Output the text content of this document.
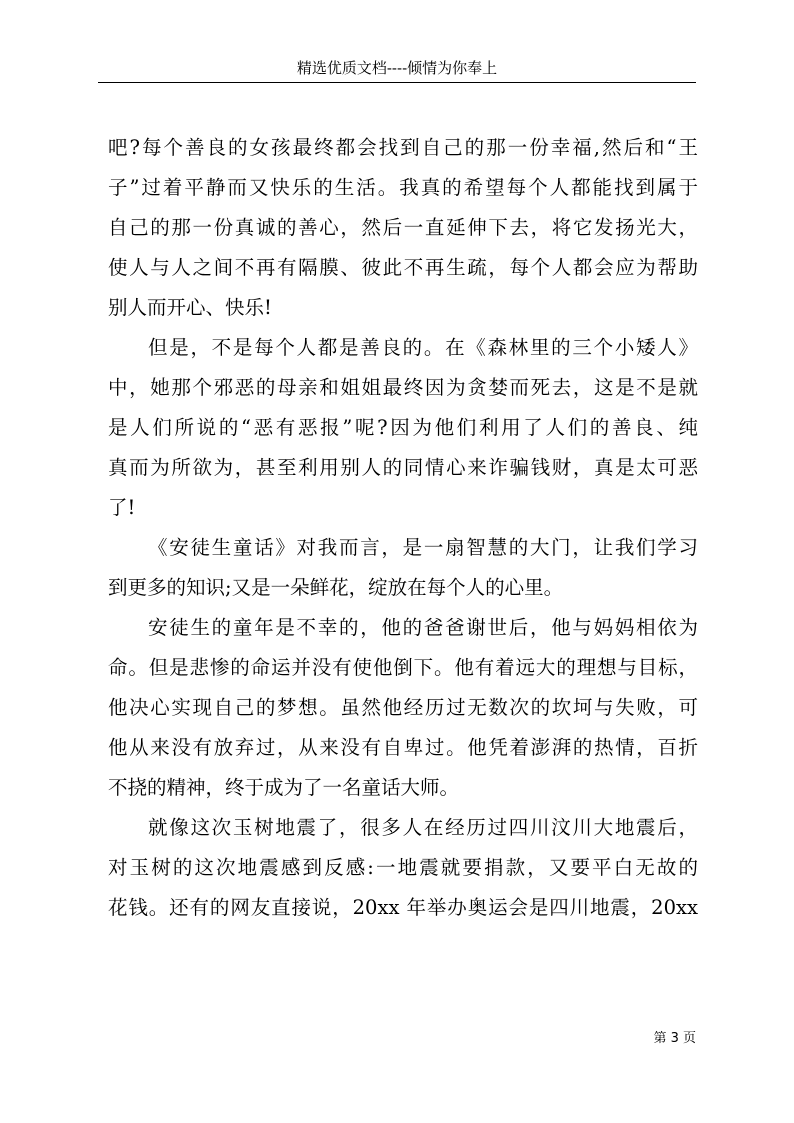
精选优质文档----倾情为你奉上
吧?每个善良的女孩最终都会找到自己的那一份幸福,然后和“王
子”过着平静而又快乐的生活。我真的希望每个人都能找到属于
自己的那一份真诚的善心，然后一直延伸下去，将它发扬光大，
使人与人之间不再有隔膜、彼此不再生疏，每个人都会应为帮助
别人而开心、快乐!
但是，不是每个人都是善良的。在《森林里的三个小矮人》
中，她那个邪恶的母亲和姐姐最终因为贪婪而死去，这是不是就
是人们所说的“恶有恶报”呢?因为他们利用了人们的善良、纯
真而为所欲为，甚至利用别人的同情心来诈骗钱财，真是太可恶
了!
《安徒生童话》对我而言，是一扇智慧的大门，让我们学习
到更多的知识;又是一朵鲜花，绽放在每个人的心里。
安徒生的童年是不幸的，他的爸爸谢世后，他与妈妈相依为
命。但是悲惨的命运并没有使他倒下。他有着远大的理想与目标，
他决心实现自己的梦想。虽然他经历过无数次的坎坷与失败，可
他从来没有放弃过，从来没有自卑过。他凭着澎湃的热情，百折
不挠的精神，终于成为了一名童话大师。
就像这次玉树地震了，很多人在经历过四川汶川大地震后，
对玉树的这次地震感到反感:一地震就要捐款，又要平白无故的
花钱。还有的网友直接说，20xx 年举办奥运会是四川地震，20xx
第 3 页
